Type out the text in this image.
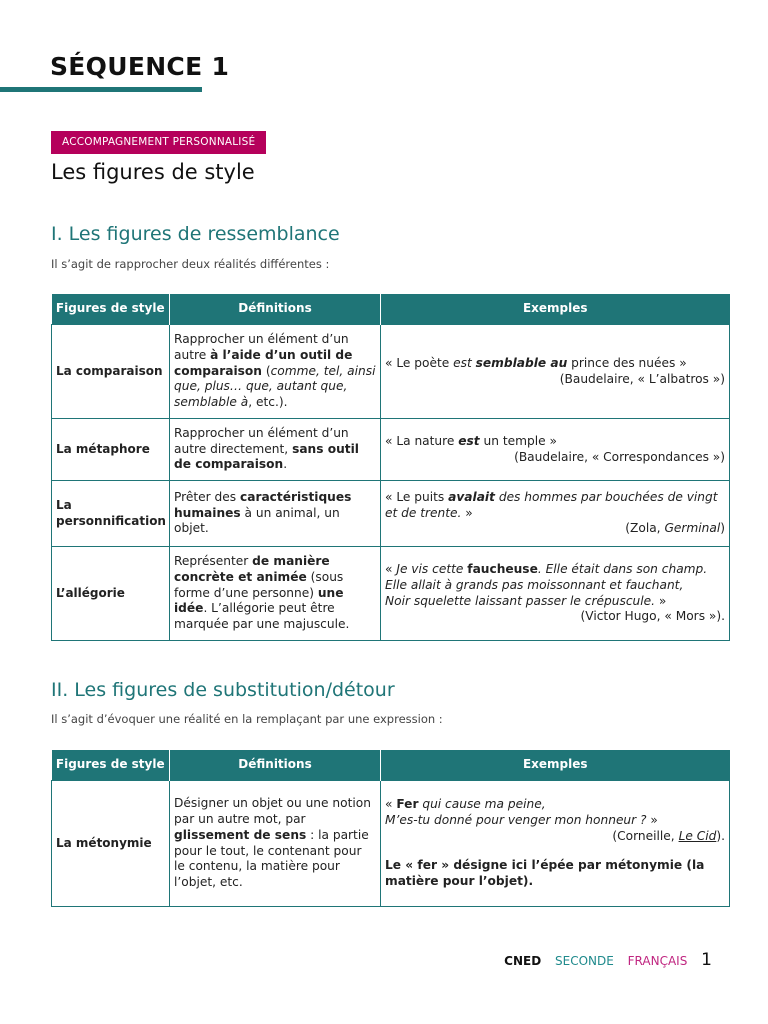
SÉQUENCE 1
ACCOMPAGNEMENT PERSONNALISÉ
Les figures de style
I. Les figures de ressemblance

Il s’agit de rapprocher deux réalités différentes :

Figures de style	Définitions	Exemples
La comparaison	Rapprocher un élément d’un autre à l’aide d’un outil de comparaison (comme, tel, ainsi que, plus… que, autant que, semblable à, etc.).	« Le poète est semblable au prince des nuées »
(Baudelaire, « L’albatros »)

La métaphore	Rapprocher un élément d’un autre directement, sans outil de comparaison.	« La nature est un temple »
(Baudelaire, « Correspondances »)

La personnification	Prêter des caractéristiques humaines à un animal, un objet.	« Le puits avalait des hommes par bouchées de vingt et de trente. »
(Zola, Germinal)

L’allégorie	Représenter de manière concrète et animée (sous forme d’une personne) une idée. L’allégorie peut être marquée par une majuscule.	« Je vis cette faucheuse. Elle était dans son champ.
Elle allait à grands pas moissonnant et fauchant,
Noir squelette laissant passer le crépuscule. »
(Victor Hugo, « Mors »).
II. Les figures de substitution/détour

Il s’agit d’évoquer une réalité en la remplaçant par une expression :

Figures de style	Définitions	Exemples
La métonymie	Désigner un objet ou une notion par un autre mot, par glissement de sens : la partie pour le tout, le contenant pour le contenu, la matière pour l’objet, etc.	« Fer qui cause ma peine,
M’es-tu donné pour venger mon honneur ? »
(Corneille, Le Cid).
Le « fer » désigne ici l’épée par métonymie (la matière pour l’objet).
CNED SECONDE FRANÇAIS 1
